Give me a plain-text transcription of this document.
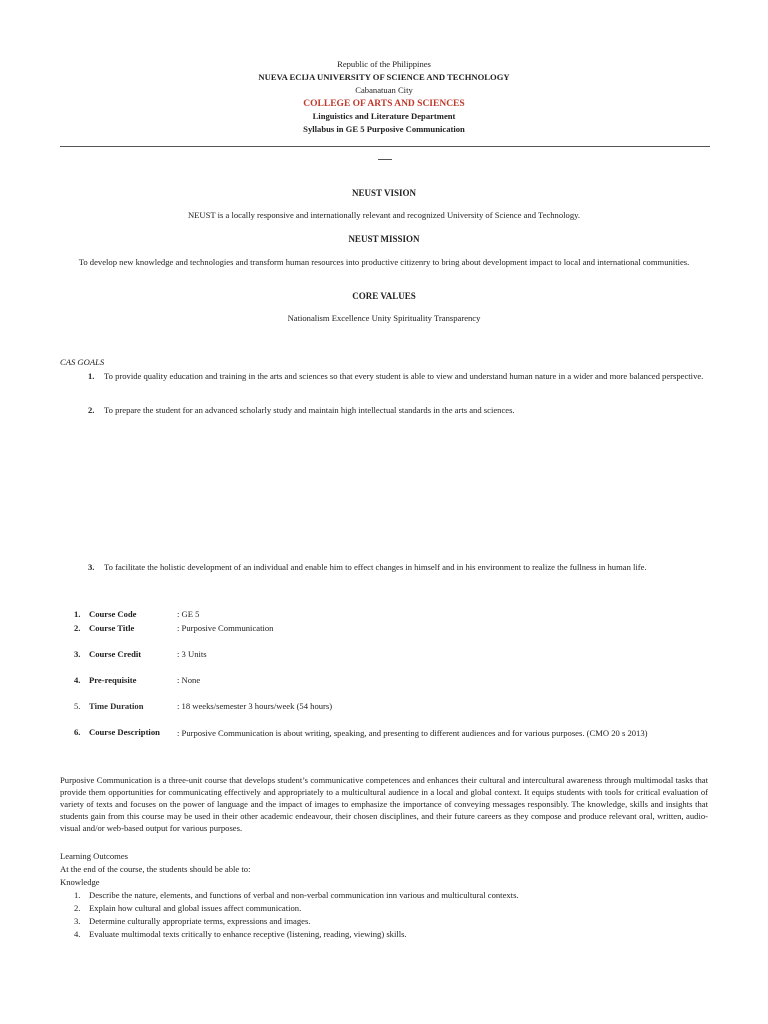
Republic of the Philippines
NUEVA ECIJA UNIVERSITY OF SCIENCE AND TECHNOLOGY
Cabanatuan City
COLLEGE OF ARTS AND SCIENCES
Linguistics and Literature Department
Syllabus in GE 5 Purposive Communication
NEUST VISION
NEUST is a locally responsive and internationally relevant and recognized University of Science and Technology.
NEUST MISSION
To develop new knowledge and technologies and transform human resources into productive citizenry to bring about development impact to local and international communities.
CORE VALUES
Nationalism Excellence Unity Spirituality Transparency
CAS GOALS
1. To provide quality education and training in the arts and sciences so that every student is able to view and understand human nature in a wider and more balanced perspective.
2. To prepare the student for an advanced scholarly study and maintain high intellectual standards in the arts and sciences.
3. To facilitate the holistic development of an individual and enable him to effect changes in himself and in his environment to realize the fullness in human life.
1. Course Code	: GE 5
2. Course Title	: Purposive Communication
3. Course Credit	: 3 Units
4. Pre-requisite	: None
5. Time Duration	: 18 weeks/semester 3 hours/week (54 hours)
6. Course Description : Purposive Communication is about writing, speaking, and presenting to different audiences and for various purposes. (CMO 20 s 2013)
Purposive Communication is a three-unit course that develops student’s communicative competences and enhances their cultural and intercultural awareness through multimodal tasks that provide them opportunities for communicating effectively and appropriately to a multicultural audience in a local and global context. It equips students with tools for critical evaluation of variety of texts and focuses on the power of language and the impact of images to emphasize the importance of conveying messages responsibly. The knowledge, skills and insights that students gain from this course may be used in their other academic endeavour, their chosen disciplines, and their future careers as they compose and produce relevant oral, written, audio-visual and/or web-based output for various purposes.
Learning Outcomes
At the end of the course, the students should be able to:
Knowledge
1. Describe the nature, elements, and functions of verbal and non-verbal communication inn various and multicultural contexts.
2. Explain how cultural and global issues affect communication.
3. Determine culturally appropriate terms, expressions and images.
4. Evaluate multimodal texts critically to enhance receptive (listening, reading, viewing) skills.
